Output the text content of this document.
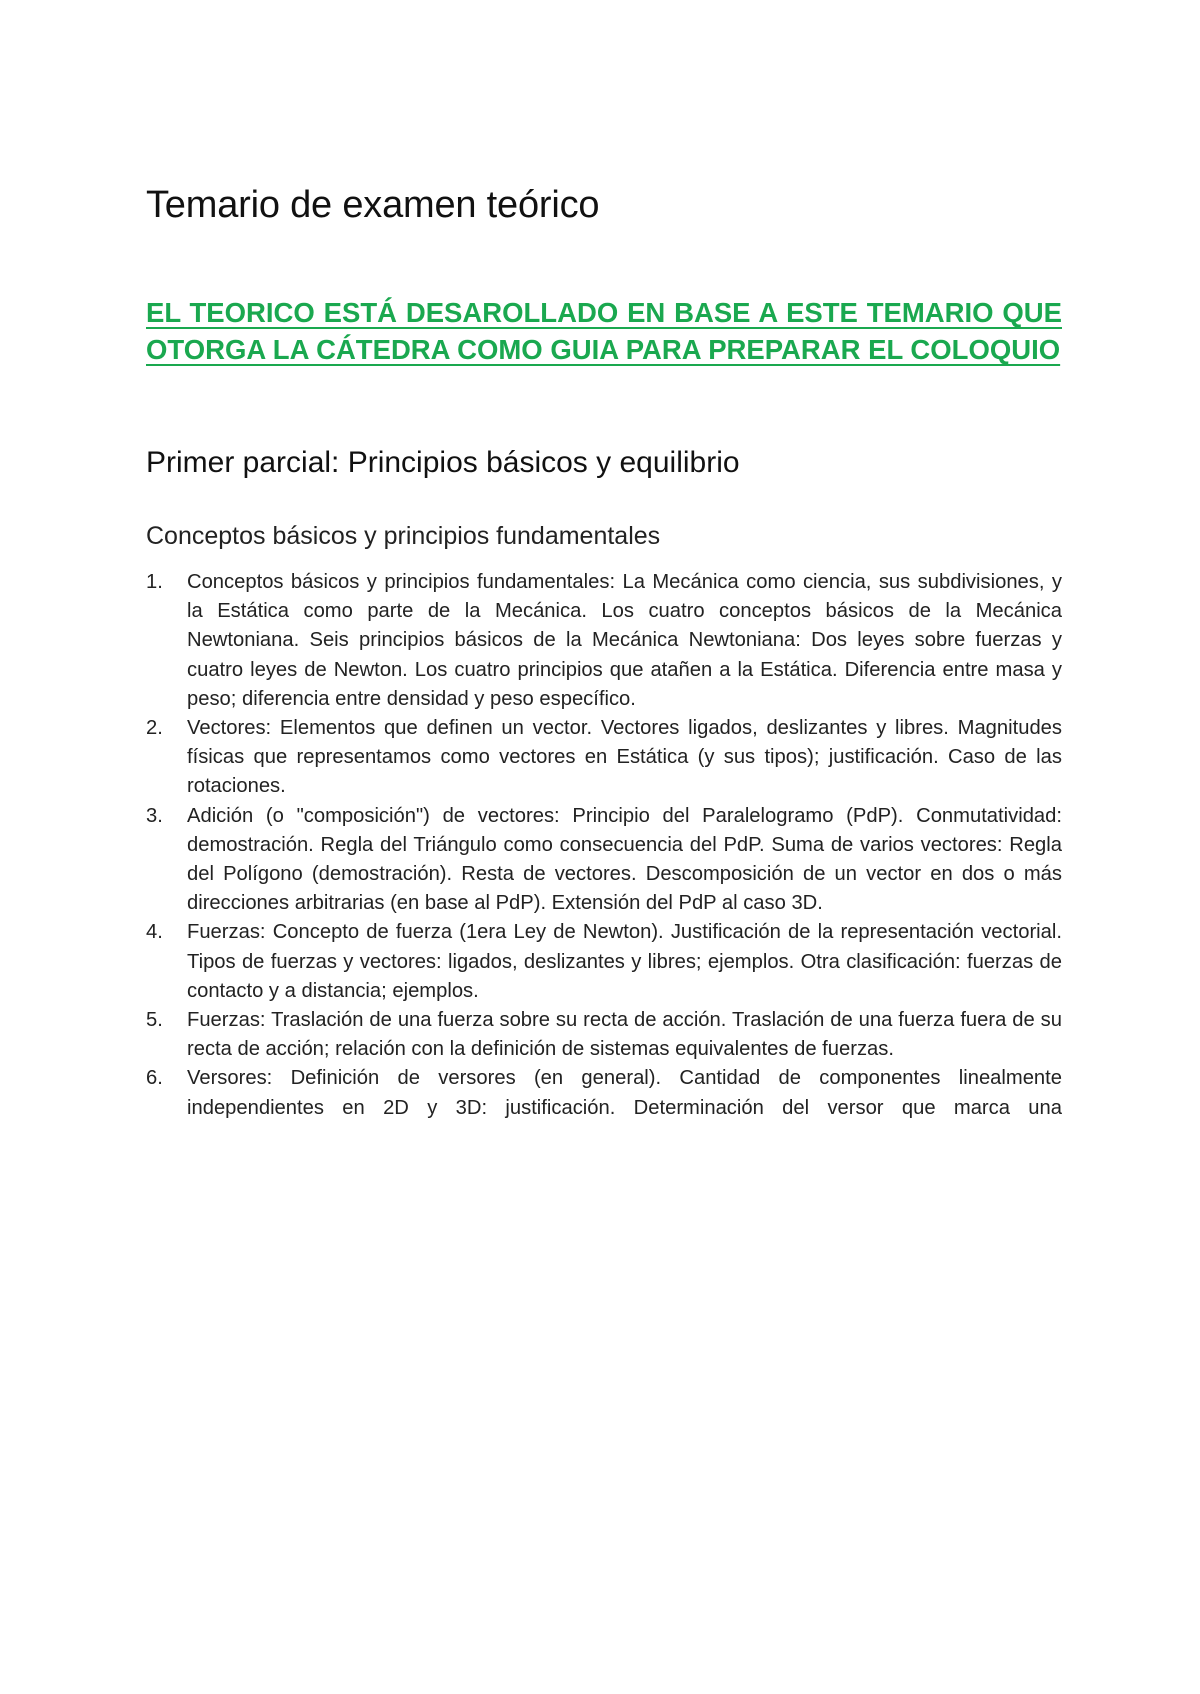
Temario de examen teórico

EL TEORICO ESTÁ DESAROLLADO EN BASE A ESTE TEMARIO QUE OTORGA LA CÁTEDRA COMO GUIA PARA PREPARAR EL COLOQUIO

Primer parcial: Principios básicos y equilibrio
Conceptos básicos y principios fundamentales
1. Conceptos básicos y principios fundamentales: La Mecánica como ciencia, sus subdivisiones, y la Estática como parte de la Mecánica. Los cuatro conceptos básicos de la Mecánica Newtoniana. Seis principios básicos de la Mecánica Newtoniana: Dos leyes sobre fuerzas y cuatro leyes de Newton. Los cuatro principios que atañen a la Estática. Diferencia entre masa y peso; diferencia entre densidad y peso específico.
2. Vectores: Elementos que definen un vector. Vectores ligados, deslizantes y libres. Magnitudes físicas que representamos como vectores en Estática (y sus tipos); justificación. Caso de las rotaciones.
3. Adición (o "composición") de vectores: Principio del Paralelogramo (PdP). Conmutatividad: demostración. Regla del Triángulo como consecuencia del PdP. Suma de varios vectores: Regla del Polígono (demostración). Resta de vectores. Descomposición de un vector en dos o más direcciones arbitrarias (en base al PdP). Extensión del PdP al caso 3D.
4. Fuerzas: Concepto de fuerza (1era Ley de Newton). Justificación de la representación vectorial. Tipos de fuerzas y vectores: ligados, deslizantes y libres; ejemplos. Otra clasificación: fuerzas de contacto y a distancia; ejemplos.
5. Fuerzas: Traslación de una fuerza sobre su recta de acción. Traslación de una fuerza fuera de su recta de acción; relación con la definición de sistemas equivalentes de fuerzas.
6. Versores: Definición de versores (en general). Cantidad de componentes linealmente independientes en 2D y 3D: justificación. Determinación del versor que marca una
